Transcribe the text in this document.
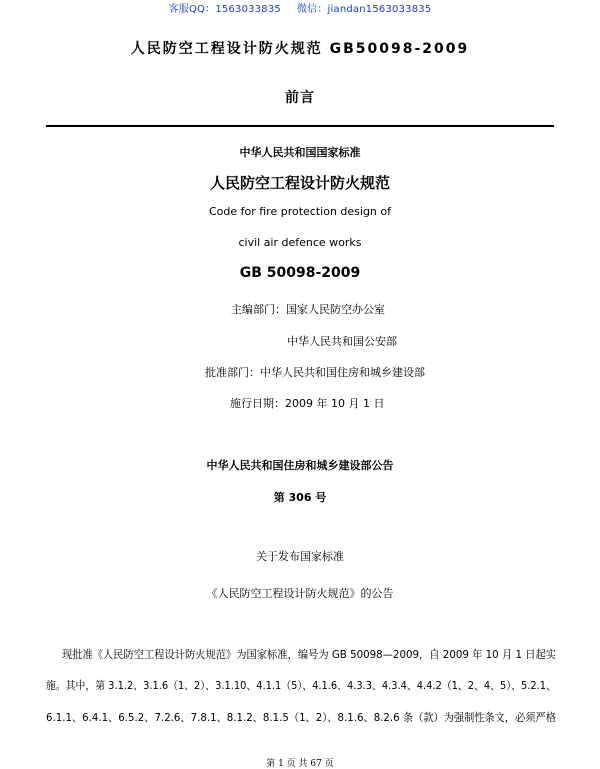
客服QQ：1563033835 微信：jiandan1563033835
人民防空工程设计防火规范 GB50098-2009
前言
中华人民共和国国家标准
人民防空工程设计防火规范
Code for fire protection design of
civil air defence works
GB 50098-2009
主编部门：国家人民防空办公室
中华人民共和国公安部
批准部门：中华人民共和国住房和城乡建设部
施行日期：2009 年 10 月 1 日
中华人民共和国住房和城乡建设部公告
第 306 号
关于发布国家标准
《人民防空工程设计防火规范》的公告
现批准《人民防空工程设计防火规范》为国家标准，编号为 GB 50098—2009，自 2009 年 10 月 1 日起实
施。其中，第 3.1.2、3.1.6（1、2）、3.1.10、4.1.1（5）、4.1.6、4.3.3、4.3.4、4.4.2（1、2、4、5）、5.2.1、
6.1.1、6.4.1、6.5.2、7.2.6、7.8.1、8.1.2、8.1.5（1、2）、8.1.6、8.2.6 条（款）为强制性条文，必须严格
第 1 页 共 67 页
